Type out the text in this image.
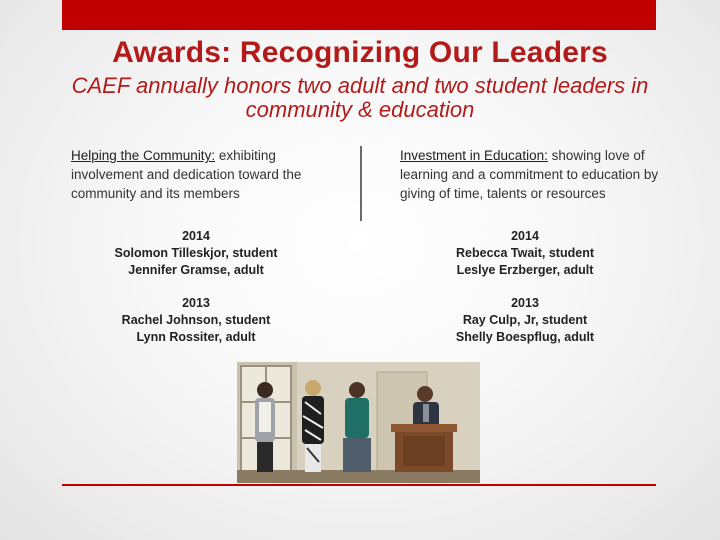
Awards: Recognizing Our Leaders
CAEF annually honors two adult and two student leaders in community & education
Helping the Community: exhibiting involvement and dedication toward the community and its members
Investment in Education: showing love of learning and a commitment to education by giving of time, talents or resources
2014
Solomon Tilleskjor, student
Jennifer Gramse, adult
2013
Rachel Johnson, student
Lynn Rossiter, adult
2014
Rebecca Twait, student
Leslye Erzberger, adult
2013
Ray Culp, Jr, student
Shelly Boespflug, adult
